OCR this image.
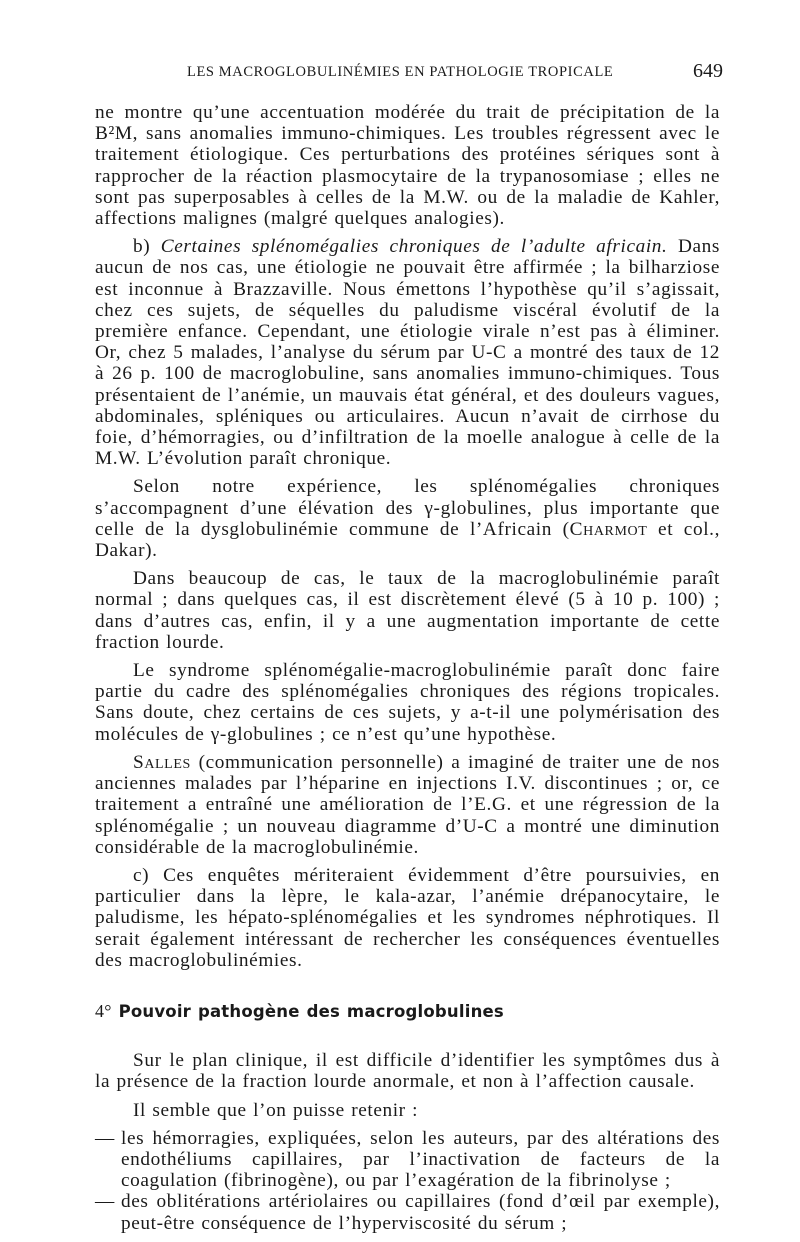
LES MACROGLOBULINÉMIES EN PATHOLOGIE TROPICALE	649

ne montre qu’une accentuation modérée du trait de précipitation de la B²M, sans anomalies immuno-chimiques. Les troubles régressent avec le traitement étiologique. Ces perturbations des protéines sériques sont à rapprocher de la réaction plasmocytaire de la trypanosomiase ; elles ne sont pas superposables à celles de la M.W. ou de la maladie de Kahler, affections malignes (malgré quelques analogies).

b) Certaines splénomégalies chroniques de l’adulte africain. Dans aucun de nos cas, une étiologie ne pouvait être affirmée ; la bilharziose est inconnue à Brazzaville. Nous émettons l’hypothèse qu’il s’agissait, chez ces sujets, de séquelles du paludisme viscéral évolutif de la première enfance. Cependant, une étiologie virale n’est pas à éliminer. Or, chez 5 malades, l’analyse du sérum par U-C a montré des taux de 12 à 26 p. 100 de macroglobuline, sans anomalies immuno-chimiques. Tous présentaient de l’anémie, un mauvais état général, et des douleurs vagues, abdominales, spléniques ou articulaires. Aucun n’avait de cirrhose du foie, d’hémorragies, ou d’infiltration de la moelle analogue à celle de la M.W. L’évolution paraît chronique.

Selon notre expérience, les splénomégalies chroniques s’accompagnent d’une élévation des γ-globulines, plus importante que celle de la dysglobulinémie commune de l’Africain (Charmot et col., Dakar).

Dans beaucoup de cas, le taux de la macroglobulinémie paraît normal ; dans quelques cas, il est discrètement élevé (5 à 10 p. 100) ; dans d’autres cas, enfin, il y a une augmentation importante de cette fraction lourde.

Le syndrome splénomégalie-macroglobulinémie paraît donc faire partie du cadre des splénomégalies chroniques des régions tropicales. Sans doute, chez certains de ces sujets, y a-t-il une polymérisation des molécules de γ-globulines ; ce n’est qu’une hypothèse.

Salles (communication personnelle) a imaginé de traiter une de nos anciennes malades par l’héparine en injections I.V. discontinues ; or, ce traitement a entraîné une amélioration de l’E.G. et une régression de la splénomégalie ; un nouveau diagramme d’U-C a montré une diminution considérable de la macroglobulinémie.

c) Ces enquêtes mériteraient évidemment d’être poursuivies, en particulier dans la lèpre, le kala-azar, l’anémie drépanocytaire, le paludisme, les hépato-splénomégalies et les syndromes néphrotiques. Il serait également intéressant de rechercher les conséquences éventuelles des macroglobulinémies.

4° Pouvoir pathogène des macroglobulines

Sur le plan clinique, il est difficile d’identifier les symptômes dus à la présence de la fraction lourde anormale, et non à l’affection causale.

Il semble que l’on puisse retenir :

— les hémorragies, expliquées, selon les auteurs, par des altérations des endothéliums capillaires, par l’inactivation de facteurs de la coagulation (fibrinogène), ou par l’exagération de la fibrinolyse ;
— des oblitérations artériolaires ou capillaires (fond d’œil par exemple), peut-être conséquence de l’hyperviscosité du sérum ;
